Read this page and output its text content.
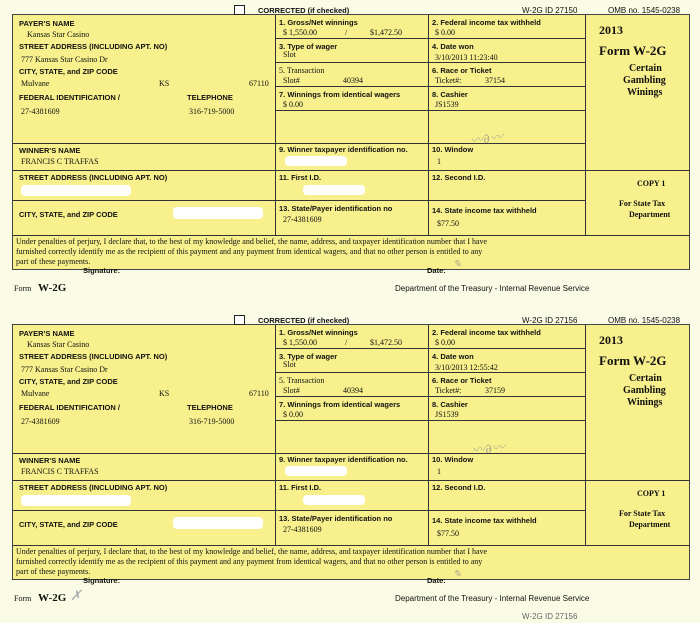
PAYER'S NAME
Kansas Star Casino
STREET ADDRESS (INCLUDING APT. NO)
777 Kansas Star Casino Dr
CITY, STATE, and ZIP CODE
Mulvane	KS	67110
FEDERAL IDENTIFICATION /	TELEPHONE
27-4381609	316-719-5000
1. Gross/Net winnings
$ 1,550.00	/	$1,472.50
2. Federal income tax withheld
$ 0.00
3. Type of wager
Slot
4. Date won
3/10/2013 11:23:40
5. Transaction
Slot#	40394
6. Race or Ticket
Ticket#:	37154
7. Winnings from identical wagers
$ 0.00
8. Cashier
JS1539
WINNER'S NAME
FRANCIS C TRAFFAS
9. Winner taxpayer identification no.	10. Window
1
STREET ADDRESS (INCLUDING APT. NO)	11. First I.D.	12. Second I.D.
CITY, STATE, and ZIP CODE
13. State/Payer identification no
27-4381609
14. State income tax withheld
$77.50
2013
Form W-2G
Certain
Gambling
Winings
COPY 1
For State Tax
Department
Under penalties of perjury, I declare that, to the best of my knowledge and belief, the name, address, and taxpayer identification number that I have
furnished correctly identify me as the recipient of this payment and any payment from identical wagers, and that no other person is entitled to any
part of these payments.
Signature:	Date:
✎
CORRECTED (if checked)	W-2G ID 27150	OMB no. 1545-0238
〰∂〰
Form W-2G	Department of the Treasury - Internal Revenue Service
PAYER'S NAME
Kansas Star Casino
STREET ADDRESS (INCLUDING APT. NO)
777 Kansas Star Casino Dr
CITY, STATE, and ZIP CODE
Mulvane	KS	67110
FEDERAL IDENTIFICATION /	TELEPHONE
27-4381609	316-719-5000
1. Gross/Net winnings
$ 1,550.00	/	$1,472.50
2. Federal income tax withheld
$ 0.00
3. Type of wager
Slot
4. Date won
3/10/2013 12:55:42
5. Transaction
Slot#	40394
6. Race or Ticket
Ticket#:	37159
7. Winnings from identical wagers
$ 0.00
8. Cashier
JS1539
WINNER'S NAME
FRANCIS C TRAFFAS
9. Winner taxpayer identification no.	10. Window
1
STREET ADDRESS (INCLUDING APT. NO)	11. First I.D.	12. Second I.D.
CITY, STATE, and ZIP CODE
13. State/Payer identification no
27-4381609
14. State income tax withheld
$77.50
2013
Form W-2G
Certain
Gambling
Winings
COPY 1
For State Tax
Department
Under penalties of perjury, I declare that, to the best of my knowledge and belief, the name, address, and taxpayer identification number that I have
furnished correctly identify me as the recipient of this payment and any payment from identical wagers, and that no other person is entitled to any
part of these payments.
Signature:	Date:
✎
CORRECTED (if checked)	W-2G ID 27156	OMB no. 1545-0238
〰∂〰
Form W-2G	Department of the Treasury - Internal Revenue Service
✗
W-2G ID 27156
